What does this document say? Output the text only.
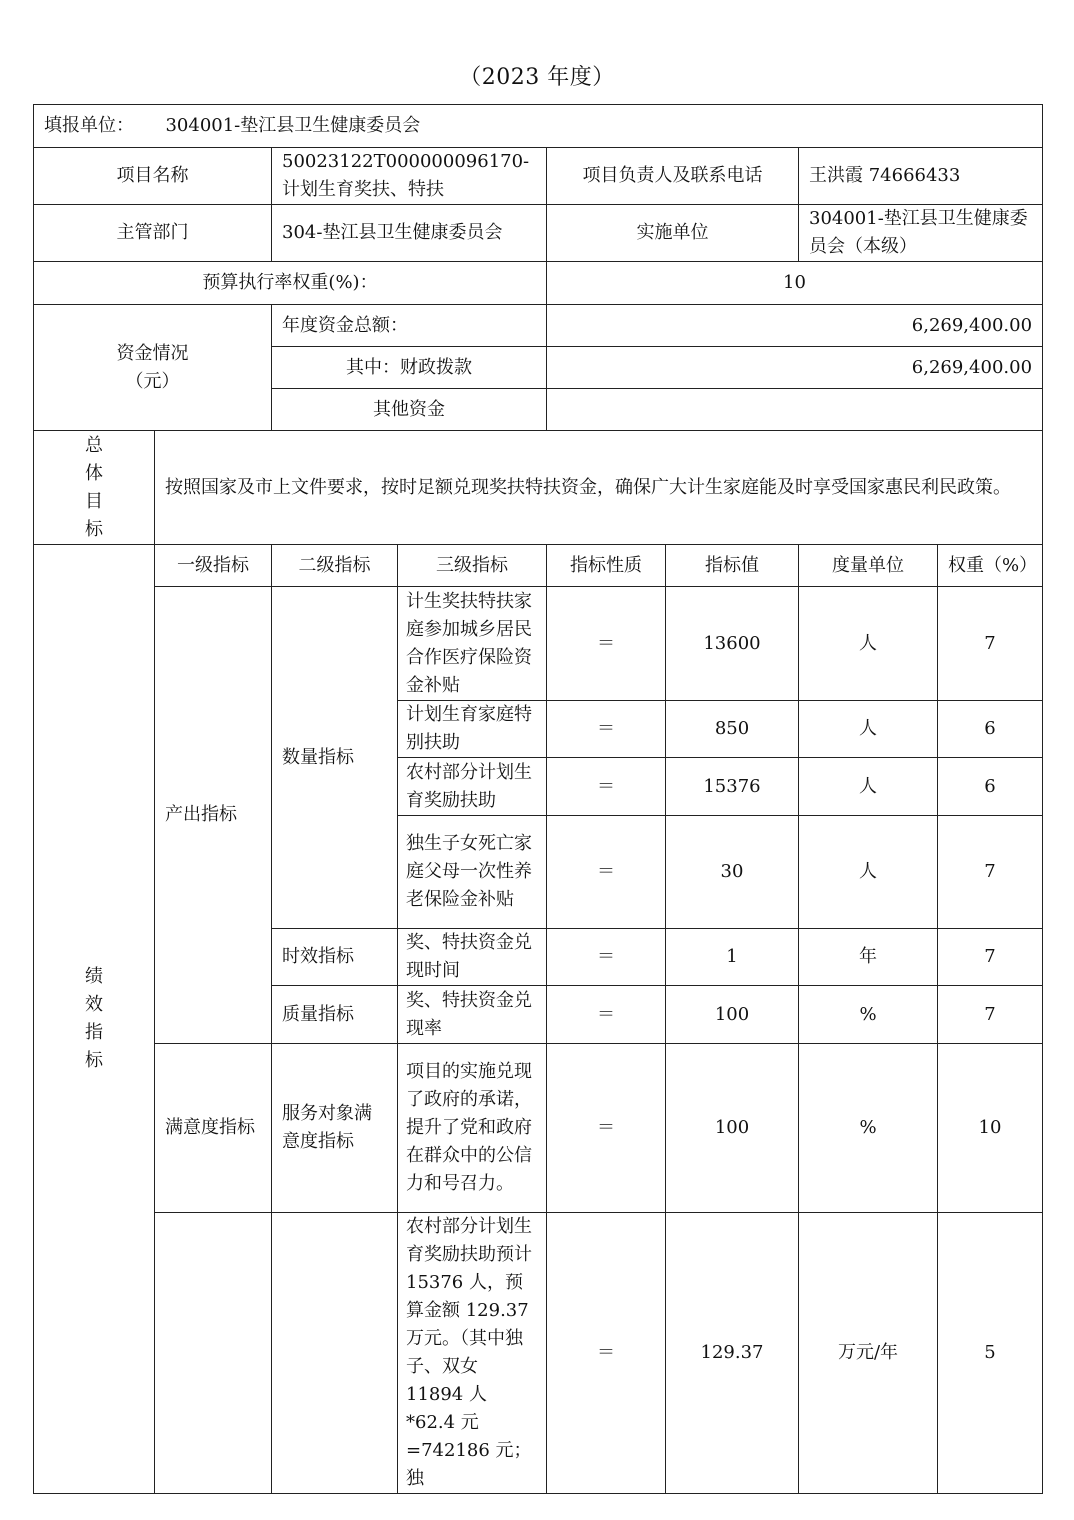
（2023 年度）
填报单位： 304001-垫江县卫生健康委员会							
项目名称		50023122T000000096170-计划生育奖扶、特扶		项目负责人及联系电话		王洪霞 74666433	
主管部门		304-垫江县卫生健康委员会		实施单位		304001-垫江县卫生健康委员会（本级）	
预算执行率权重(%)：				10			

资金情况
（元）		年度资金总额：		6,269,400.00			
		其中：财政拨款		6,269,400.00			
		其他资金					

总
体
目
标	按照国家及市上文件要求，按时足额兑现奖扶特扶资金，确保广大计生家庭能及时享受国家惠民利民政策。						

绩
效
指
标	一级指标	二级指标	三级指标	指标性质	指标值	度量单位	权重（%）
	产出指标	数量指标	计生奖扶特扶家庭参加城乡居民合作医疗保险资金补贴	＝	13600	人	7
			计划生育家庭特别扶助	＝	850	人	6
			农村部分计划生育奖励扶助	＝	15376	人	6
			独生子女死亡家庭父母一次性养老保险金补贴	＝	30	人	7
		时效指标	奖、特扶资金兑现时间	＝	1	年	7
		质量指标	奖、特扶资金兑现率	＝	100	%	7
	满意度指标	服务对象满意度指标	项目的实施兑现了政府的承诺，提升了党和政府在群众中的公信力和号召力。	＝	100	%	10
			农村部分计划生育奖励扶助预计 15376 人，预算金额 129.37 万元。（其中独子、双女 11894 人 *62.4 元 =742186 元；独	＝	129.37	万元/年	5
